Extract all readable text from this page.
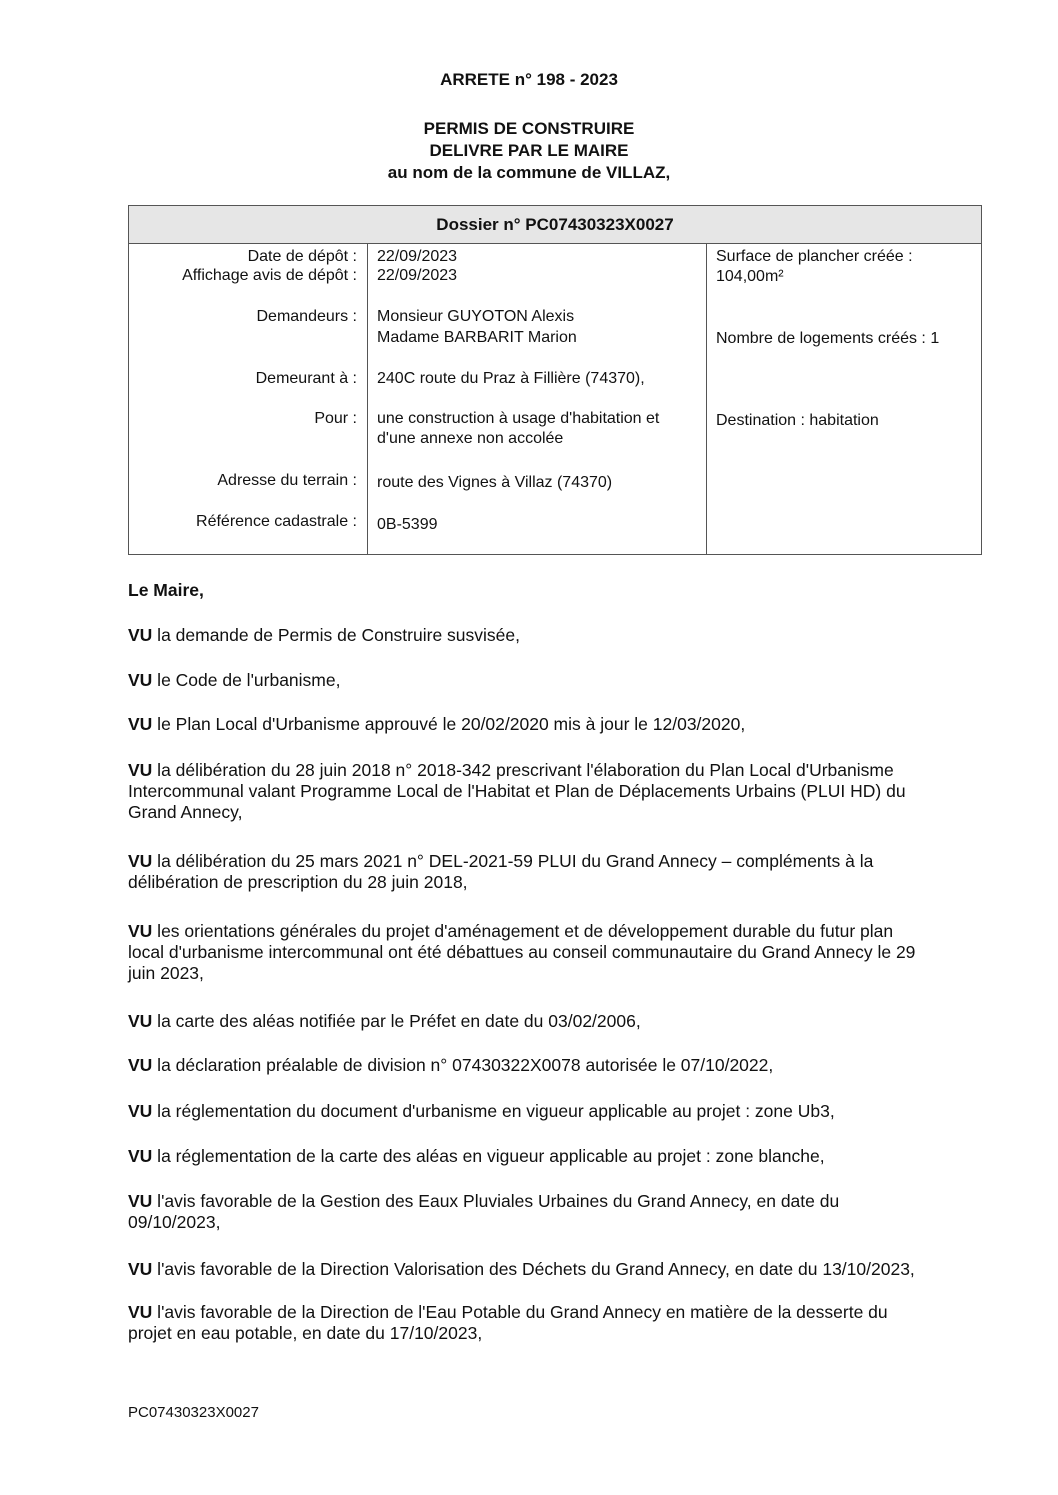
ARRETE n° 198 - 2023
PERMIS DE CONSTRUIRE
DELIVRE PAR LE MAIRE
au nom de la commune de VILLAZ,
Dossier n° PC07430323X0027
Date de dépôt :
Affichage avis de dépôt :
Demandeurs :
Demeurant à :
Pour :
Adresse du terrain :
Référence cadastrale :
22/09/2023
22/09/2023
Monsieur GUYOTON Alexis
Madame BARBARIT Marion
240C route du Praz à Fillière (74370),
une construction à usage d'habitation et
d'une annexe non accolée
route des Vignes à Villaz (74370)
0B-5399
Surface de plancher créée :
104,00m²
Nombre de logements créés : 1
Destination : habitation
Le Maire,
VU la demande de Permis de Construire susvisée,
VU le Code de l'urbanisme,
VU le Plan Local d'Urbanisme approuvé le 20/02/2020 mis à jour le 12/03/2020,
VU la délibération du 28 juin 2018 n° 2018-342 prescrivant l'élaboration du Plan Local d'Urbanisme Intercommunal valant Programme Local de l'Habitat et Plan de Déplacements Urbains (PLUI HD) du Grand Annecy,
VU la délibération du 25 mars 2021 n° DEL-2021-59 PLUI du Grand Annecy – compléments à la délibération de prescription du 28 juin 2018,
VU les orientations générales du projet d'aménagement et de développement durable du futur plan local d'urbanisme intercommunal ont été débattues au conseil communautaire du Grand Annecy le 29 juin 2023,
VU la carte des aléas notifiée par le Préfet en date du 03/02/2006,
VU la déclaration préalable de division n° 07430322X0078 autorisée le 07/10/2022,
VU la réglementation du document d'urbanisme en vigueur applicable au projet : zone Ub3,
VU la réglementation de la carte des aléas en vigueur applicable au projet : zone blanche,
VU l'avis favorable de la Gestion des Eaux Pluviales Urbaines du Grand Annecy, en date du 09/10/2023,
VU l'avis favorable de la Direction Valorisation des Déchets du Grand Annecy, en date du 13/10/2023,
VU l'avis favorable de la Direction de l'Eau Potable du Grand Annecy en matière de la desserte du projet en eau potable, en date du 17/10/2023,
PC07430323X0027
